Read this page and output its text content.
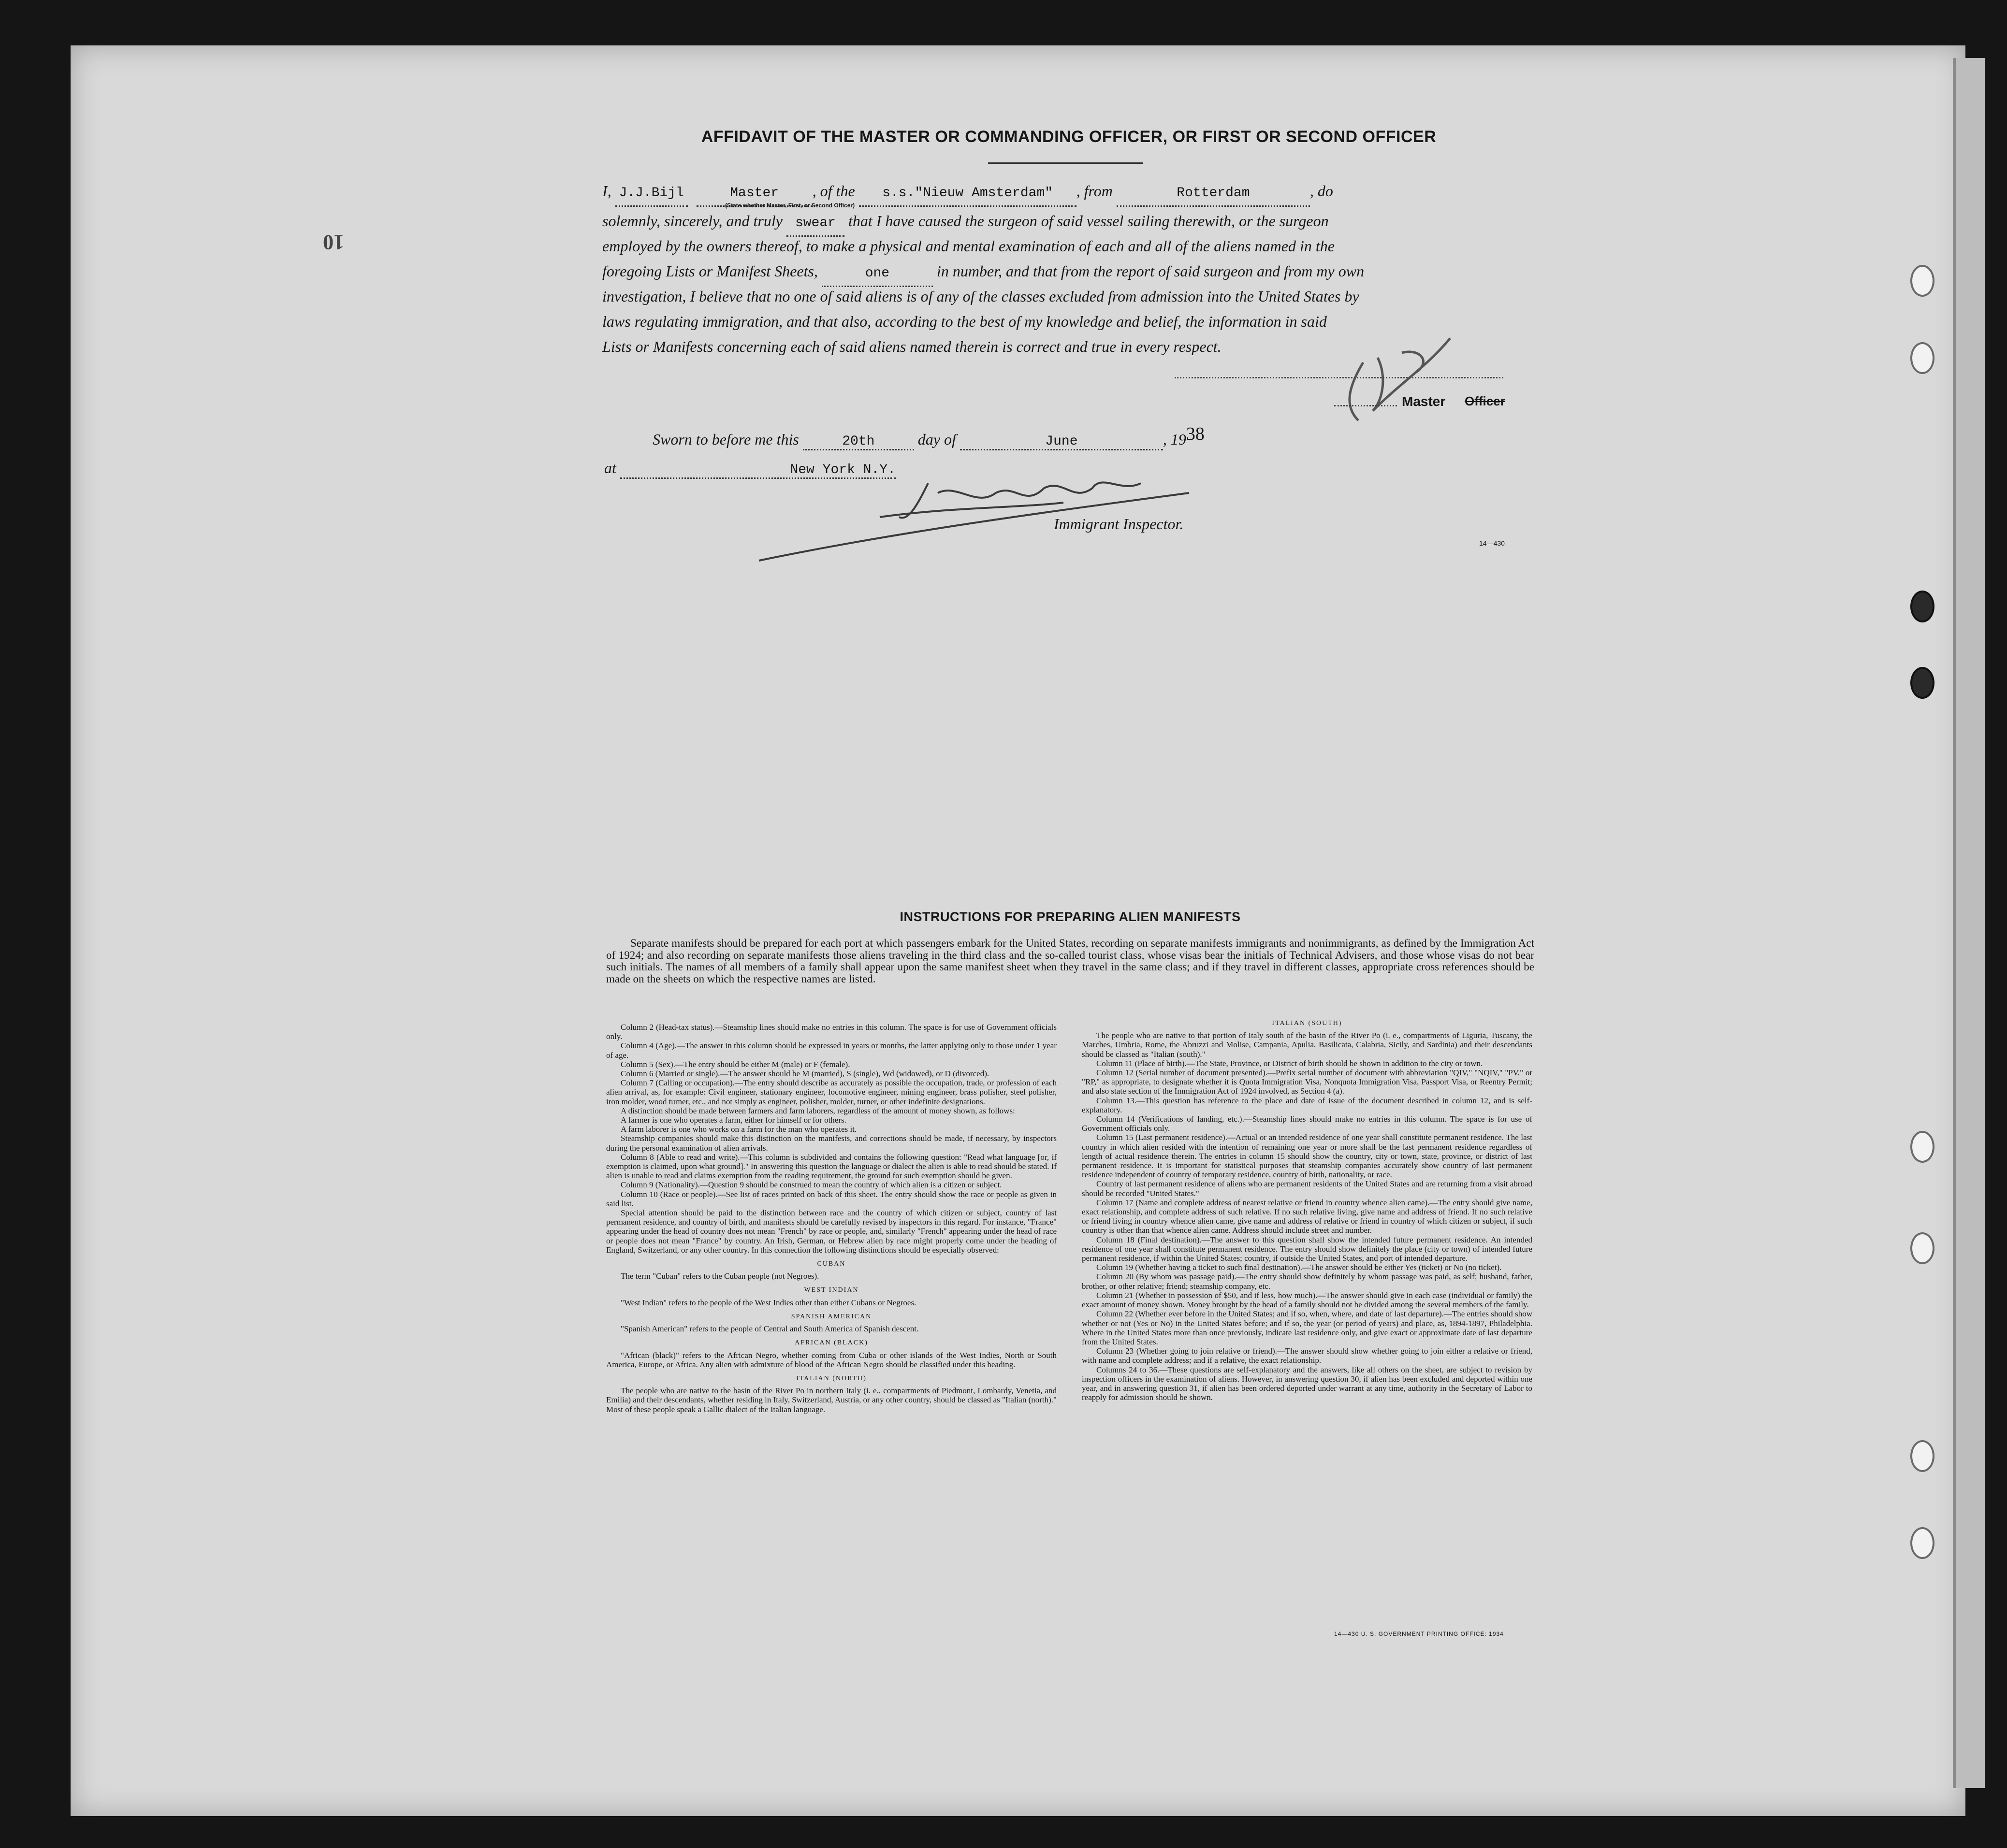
10
AFFIDAVIT OF THE MASTER OR COMMANDING OFFICER, OR FIRST OR SECOND OFFICER
I, J.J.Bijl	Master , of the s.s."Nieuw Amsterdam" , from	Rotterdam	, do
(State whether Master, First, or Second Officer)
solemnly, sincerely, and truly swear that I have caused the surgeon of said vessel sailing therewith, or the surgeon
employed by the owners thereof, to make a physical and mental examination of each and all of the aliens named in the
foregoing Lists or Manifest Sheets,	one	in number, and that from the report of said surgeon and from my own
investigation, I believe that no one of said aliens is of any of the classes excluded from admission into the United States by
laws regulating immigration, and that also, according to the best of my knowledge and belief, the information in said
Lists or Manifests concerning each of said aliens named therein is correct and true in every respect.
Master Officer
Sworn to before me this	20th	day of	June	, 1938
at	New York N.Y.
Immigrant Inspector.
14—430
INSTRUCTIONS FOR PREPARING ALIEN MANIFESTS
Separate manifests should be prepared for each port at which passengers embark for the United States, recording on separate manifests immigrants and nonimmigrants, as defined by the Immigration Act of 1924; and also recording on separate manifests those aliens traveling in the third class and the so-called tourist class, whose visas bear the initials of Technical Advisers, and those whose visas do not bear such initials. The names of all members of a family shall appear upon the same manifest sheet when they travel in the same class; and if they travel in different classes, appropriate cross references should be made on the sheets on which the respective names are listed.

Column 2 (Head-tax status).—Steamship lines should make no entries in this column. The space is for use of Government officials only.

Column 4 (Age).—The answer in this column should be expressed in years or months, the latter applying only to those under 1 year of age.

Column 5 (Sex).—The entry should be either M (male) or F (female).

Column 6 (Married or single).—The answer should be M (married), S (single), Wd (widowed), or D (divorced).

Column 7 (Calling or occupation).—The entry should describe as accurately as possible the occupation, trade, or profession of each alien arrival, as, for example: Civil engineer, stationary engineer, locomotive engineer, mining engineer, brass polisher, steel polisher, iron molder, wood turner, etc., and not simply as engineer, polisher, molder, turner, or other indefinite designations.

A distinction should be made between farmers and farm laborers, regardless of the amount of money shown, as follows:

A farmer is one who operates a farm, either for himself or for others.

A farm laborer is one who works on a farm for the man who operates it.

Steamship companies should make this distinction on the manifests, and corrections should be made, if necessary, by inspectors during the personal examination of alien arrivals.

Column 8 (Able to read and write).—This column is subdivided and contains the following question: "Read what language [or, if exemption is claimed, upon what ground]." In answering this question the language or dialect the alien is able to read should be stated. If alien is unable to read and claims exemption from the reading requirement, the ground for such exemption should be given.

Column 9 (Nationality).—Question 9 should be construed to mean the country of which alien is a citizen or subject.

Column 10 (Race or people).—See list of races printed on back of this sheet. The entry should show the race or people as given in said list.

Special attention should be paid to the distinction between race and the country of which citizen or subject, country of last permanent residence, and country of birth, and manifests should be carefully revised by inspectors in this regard. For instance, "France" appearing under the head of country does not mean "French" by race or people, and, similarly "French" appearing under the head of race or people does not mean "France" by country. An Irish, German, or Hebrew alien by race might properly come under the heading of England, Switzerland, or any other country. In this connection the following distinctions should be especially observed:

CUBAN

The term "Cuban" refers to the Cuban people (not Negroes).

WEST INDIAN

"West Indian" refers to the people of the West Indies other than either Cubans or Negroes.

SPANISH AMERICAN

"Spanish American" refers to the people of Central and South America of Spanish descent.

AFRICAN (BLACK)

"African (black)" refers to the African Negro, whether coming from Cuba or other islands of the West Indies, North or South America, Europe, or Africa. Any alien with admixture of blood of the African Negro should be classified under this heading.

ITALIAN (NORTH)

The people who are native to the basin of the River Po in northern Italy (i. e., compartments of Piedmont, Lombardy, Venetia, and Emilia) and their descendants, whether residing in Italy, Switzerland, Austria, or any other country, should be classed as "Italian (north)." Most of these people speak a Gallic dialect of the Italian language.

ITALIAN (SOUTH)

The people who are native to that portion of Italy south of the basin of the River Po (i. e., compartments of Liguria, Tuscany, the Marches, Umbria, Rome, the Abruzzi and Molise, Campania, Apulia, Basilicata, Calabria, Sicily, and Sardinia) and their descendants should be classed as "Italian (south)."

Column 11 (Place of birth).—The State, Province, or District of birth should be shown in addition to the city or town.

Column 12 (Serial number of document presented).—Prefix serial number of document with abbreviation "QIV," "NQIV," "PV," or "RP," as appropriate, to designate whether it is Quota Immigration Visa, Nonquota Immigration Visa, Passport Visa, or Reentry Permit; and also state section of the Immigration Act of 1924 involved, as Section 4 (a).

Column 13.—This question has reference to the place and date of issue of the document described in column 12, and is self-explanatory.

Column 14 (Verifications of landing, etc.).—Steamship lines should make no entries in this column. The space is for use of Government officials only.

Column 15 (Last permanent residence).—Actual or an intended residence of one year shall constitute permanent residence. The last country in which alien resided with the intention of remaining one year or more shall be the last permanent residence regardless of length of actual residence therein. The entries in column 15 should show the country, city or town, state, province, or district of last permanent residence. It is important for statistical purposes that steamship companies accurately show country of last permanent residence independent of country of temporary residence, country of birth, nationality, or race.

Country of last permanent residence of aliens who are permanent residents of the United States and are returning from a visit abroad should be recorded "United States."

Column 17 (Name and complete address of nearest relative or friend in country whence alien came).—The entry should give name, exact relationship, and complete address of such relative. If no such relative living, give name and address of friend. If no such relative or friend living in country whence alien came, give name and address of relative or friend in country of which citizen or subject, if such country is other than that whence alien came. Address should include street and number.

Column 18 (Final destination).—The answer to this question shall show the intended future permanent residence. An intended residence of one year shall constitute permanent residence. The entry should show definitely the place (city or town) of intended future permanent residence, if within the United States; country, if outside the United States, and port of intended departure.

Column 19 (Whether having a ticket to such final destination).—The answer should be either Yes (ticket) or No (no ticket).

Column 20 (By whom was passage paid).—The entry should show definitely by whom passage was paid, as self; husband, father, brother, or other relative; friend; steamship company, etc.

Column 21 (Whether in possession of $50, and if less, how much).—The answer should give in each case (individual or family) the exact amount of money shown. Money brought by the head of a family should not be divided among the several members of the family.

Column 22 (Whether ever before in the United States; and if so, when, where, and date of last departure).—The entries should show whether or not (Yes or No) in the United States before; and if so, the year (or period of years) and place, as, 1894-1897, Philadelphia. Where in the United States more than once previously, indicate last residence only, and give exact or approximate date of last departure from the United States.

Column 23 (Whether going to join relative or friend).—The answer should show whether going to join either a relative or friend, with name and complete address; and if a relative, the exact relationship.

Columns 24 to 36.—These questions are self-explanatory and the answers, like all others on the sheet, are subject to revision by inspection officers in the examination of aliens. However, in answering question 30, if alien has been excluded and deported within one year, and in answering question 31, if alien has been ordered deported under warrant at any time, authority in the Secretary of Labor to reapply for admission should be shown.

14—430 U. S. GOVERNMENT PRINTING OFFICE: 1934
